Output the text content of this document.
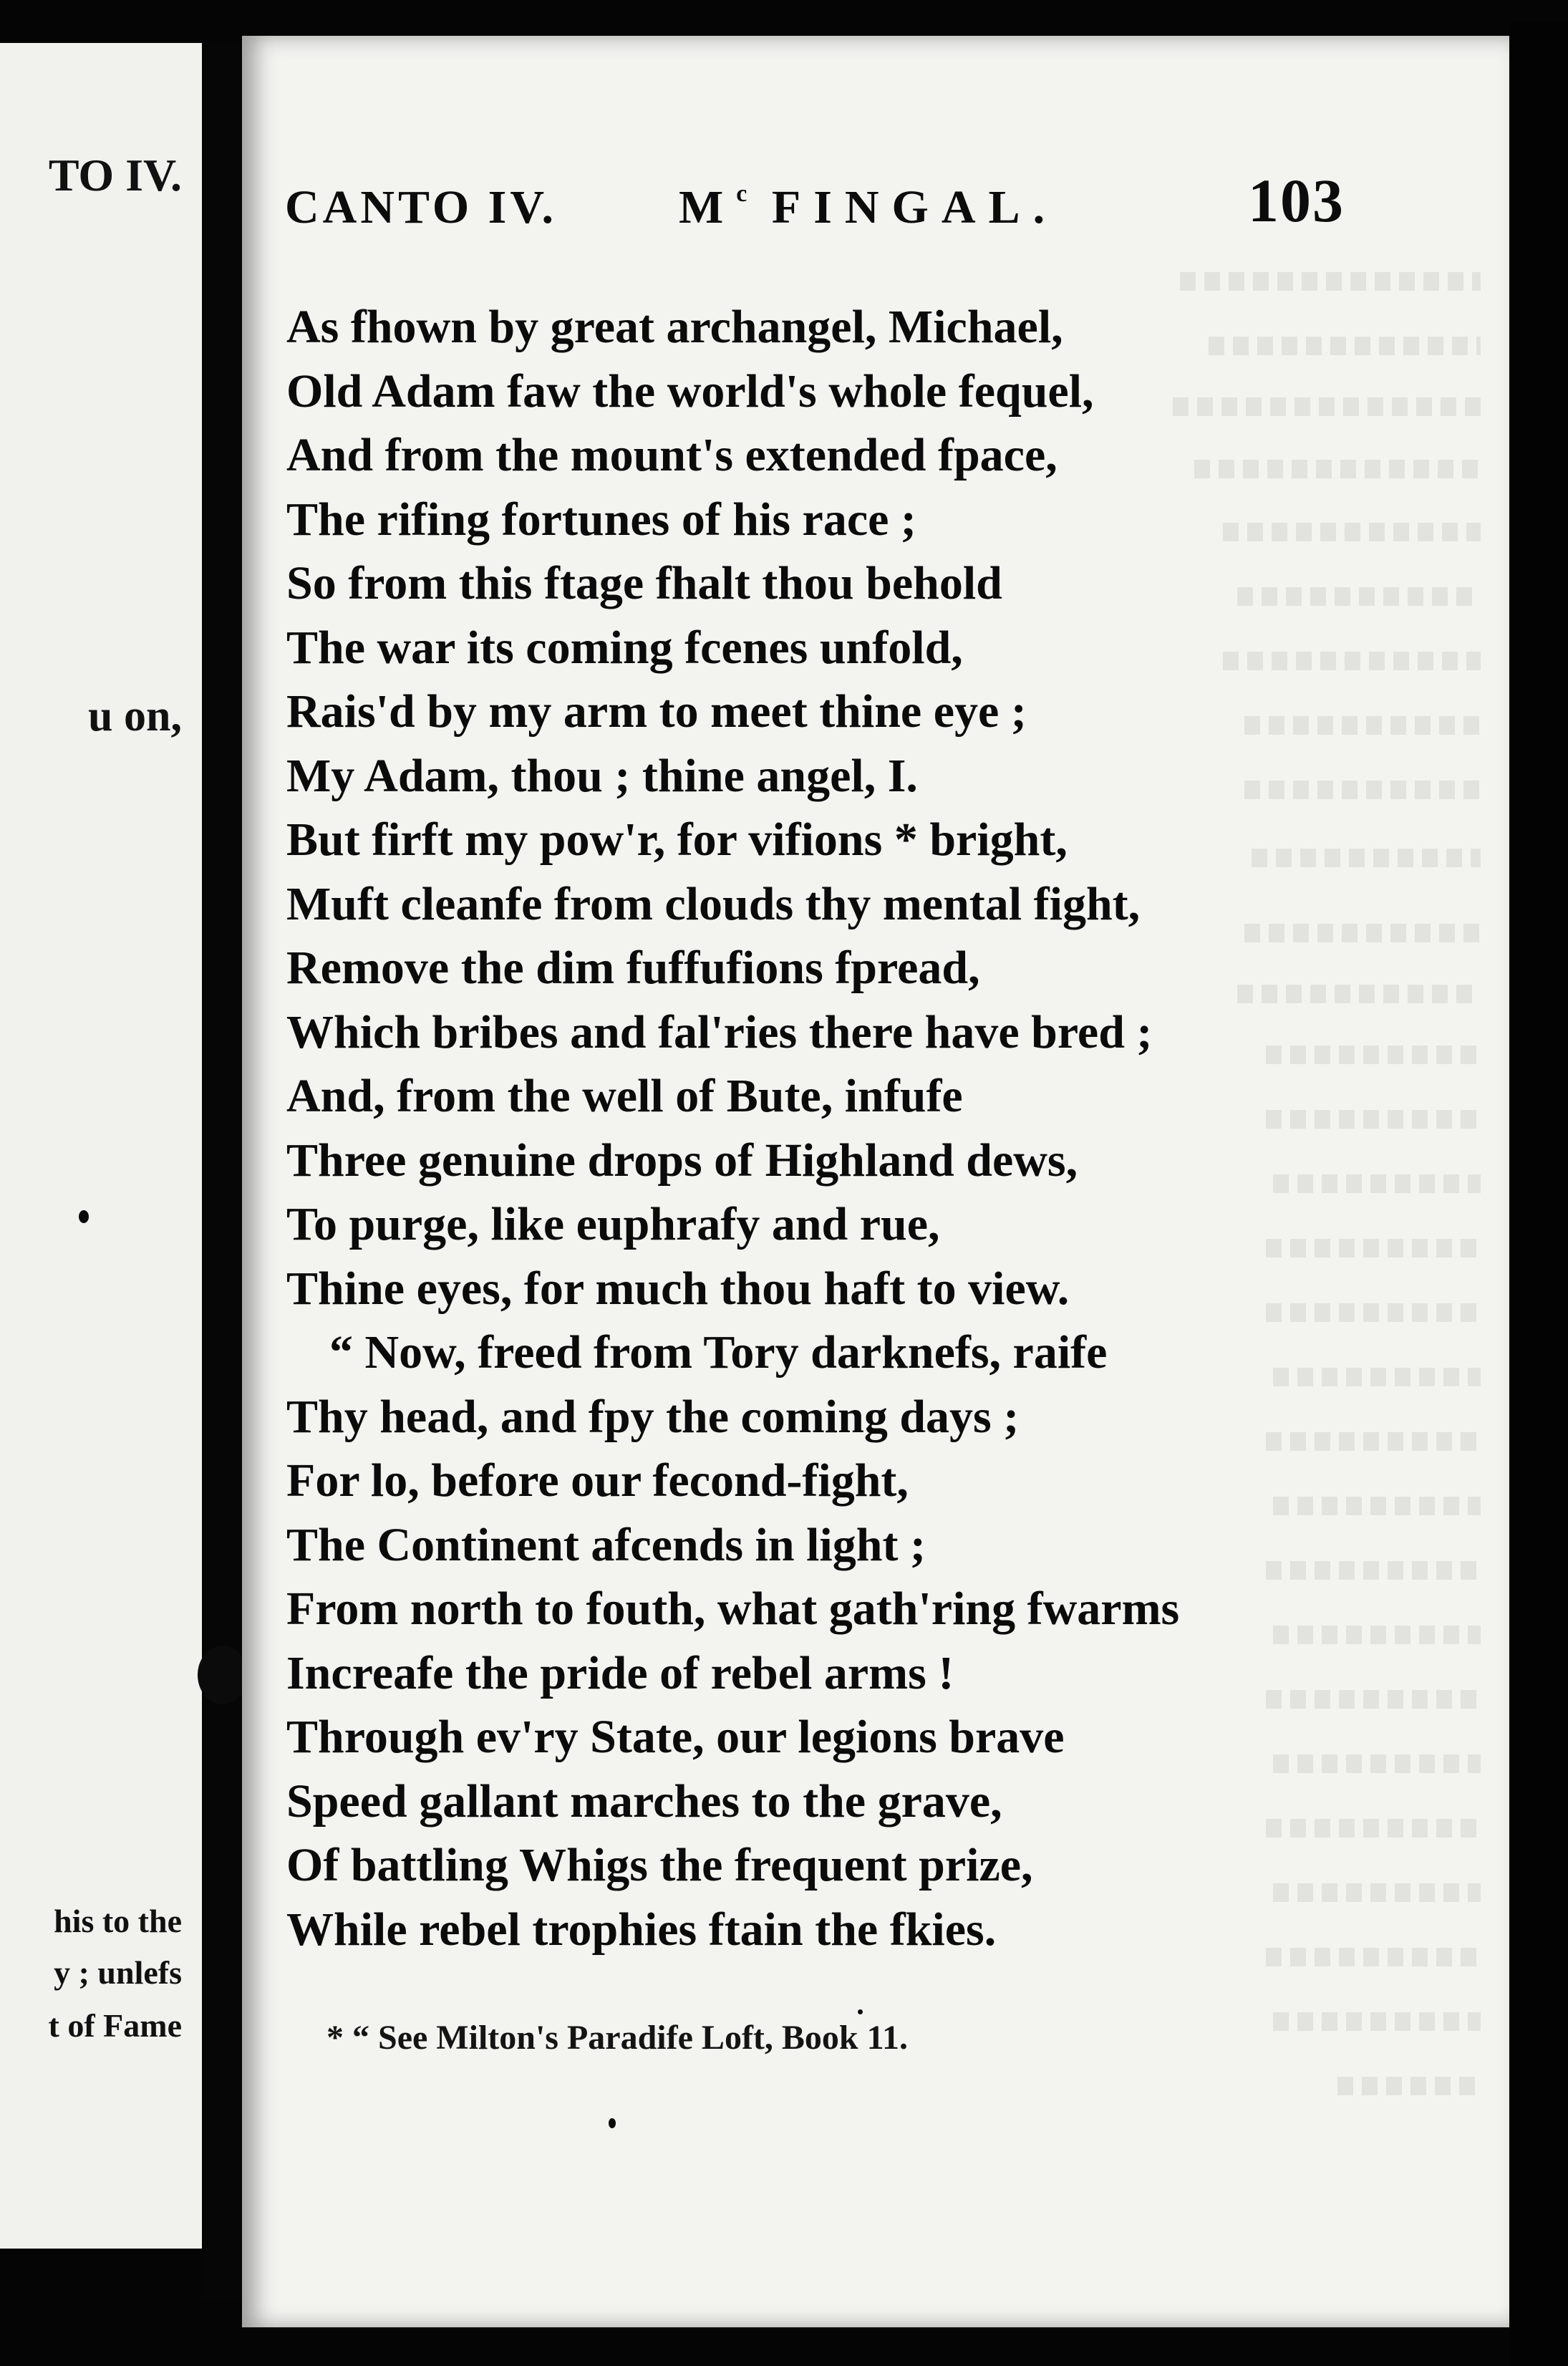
TO IV.
u on,
his to the
y ; unlefs
t of Fame
CANTO IV.	$M^c$ FINGAL.	103
As fhown by great archangel, Michael,
Old Adam faw the world's whole fequel,
And from the mount's extended fpace,
The rifing fortunes of his race ;
So from this ftage fhalt thou behold
The war its coming fcenes unfold,
Rais'd by my arm to meet thine eye ;
My Adam, thou ; thine angel, I.
But firft my pow'r, for vifions * bright,
Muft cleanfe from clouds thy mental fight,
Remove the dim fuffufions fpread,
Which bribes and fal'ries there have bred ;
And, from the well of Bute, infufe
Three genuine drops of Highland dews,
To purge, like euphrafy and rue,
Thine eyes, for much thou haft to view.
“ Now, freed from Tory darknefs, raife
Thy head, and fpy the coming days ;
For lo, before our fecond-fight,
The Continent afcends in light ;
From north to fouth, what gath'ring fwarms
Increafe the pride of rebel arms !
Through ev'ry State, our legions brave
Speed gallant marches to the grave,
Of battling Whigs the frequent prize,
While rebel trophies ftain the fkies.
* “ See Milton's Paradife Loft, Book 11.
